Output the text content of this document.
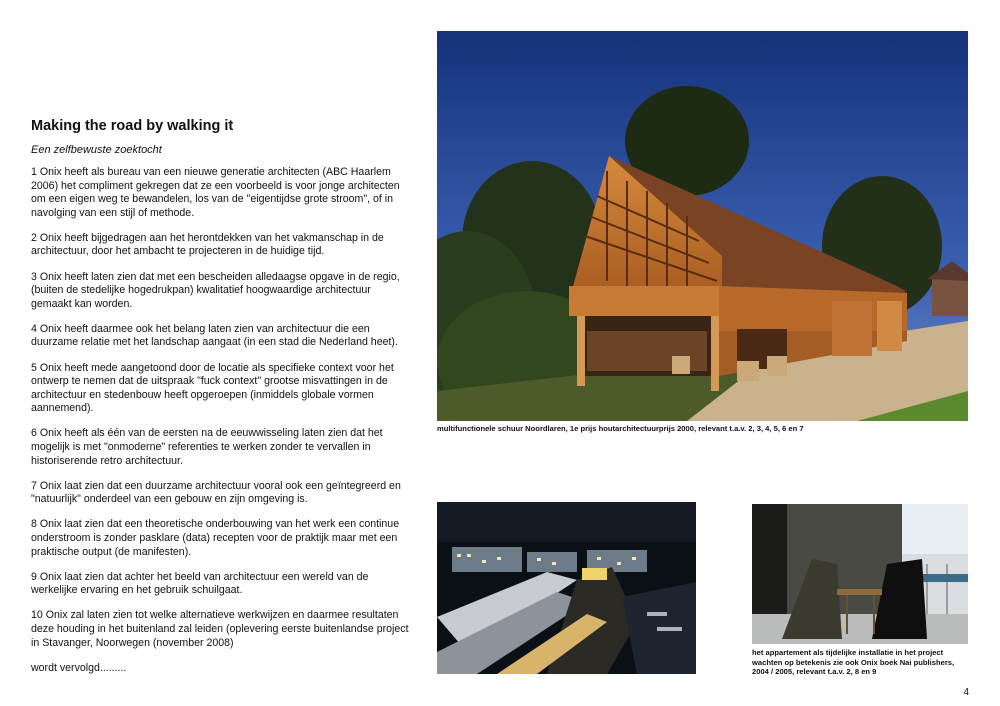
Making the road by walking it
Een zelfbewuste zoektocht
1 Onix heeft als bureau van een nieuwe generatie architecten (ABC Haarlem 2006) het compliment gekregen dat ze een voorbeeld is voor jonge architecten om een eigen weg te bewandelen, los van de "eigentijdse grote stroom", of in navolging van een stijl of methode.
2 Onix heeft bijgedragen aan het herontdekken van het vakmanschap in de architectuur, door het ambacht te projecteren in de huidige tijd.
3 Onix heeft laten zien dat met een bescheiden alledaagse opgave in de regio, (buiten de stedelijke hogedrukpan) kwalitatief hoogwaardige architectuur gemaakt kan worden.
4 Onix heeft daarmee ook het belang laten zien van architectuur die een duurzame relatie met het landschap aangaat (in een stad die Nederland heet).
5 Onix heeft mede aangetoond door de locatie als specifieke context voor het ontwerp te nemen dat de uitspraak "fuck context" grootse misvattingen in de architectuur en stedenbouw heeft opgeroepen (inmiddels globale vormen aannemend).
6 Onix heeft als één van de eersten na de eeuwwisseling laten zien dat het mogelijk is met "onmoderne" referenties te werken zonder te vervallen in historiserende retro architectuur.
7 Onix laat zien dat een duurzame architectuur vooral ook een geïntegreerd en "natuurlijk" onderdeel van een gebouw en zijn omgeving is.
8 Onix laat zien dat een theoretische onderbouwing van het werk een continue onderstroom is zonder pasklare (data) recepten voor de praktijk maar met een praktische output (de manifesten).
9 Onix laat zien dat achter het beeld van architectuur een wereld van de werkelijke ervaring en het gebruik schuilgaat.
10 Onix zal laten zien tot welke alternatieve werkwijzen en daarmee resultaten deze houding in het buitenland zal leiden (oplevering eerste buitenlandse project in Stavanger, Noorwegen (november 2008)
wordt vervolgd.........
multifunctionele schuur Noordlaren, 1e prijs houtarchitectuurprijs 2000, relevant t.a.v. 2, 3, 4, 5, 6 en 7
het appartement als tijdelijke installatie in het project wachten op betekenis zie ook Onix boek Nai publishers, 2004 / 2005, relevant t.a.v. 2, 8 en 9
4
